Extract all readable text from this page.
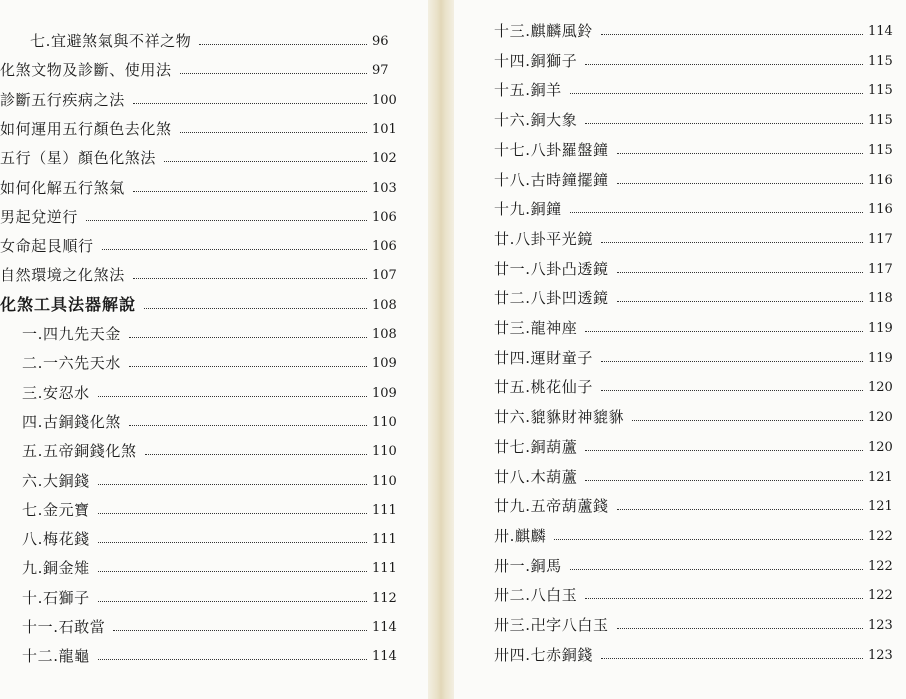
七.宜避煞氣與不祥之物	96
化煞文物及診斷、使用法	97
診斷五行疾病之法	100
如何運用五行顏色去化煞	101
五行（星）顏色化煞法	102
如何化解五行煞氣	103
男起兌逆行	106
女命起艮順行	106
自然環境之化煞法	107
化煞工具法器解說	108
一.四九先天金	108
二.一六先天水	109
三.安忍水	109
四.古銅錢化煞	110
五.五帝銅錢化煞	110
六.大銅錢	110
七.金元寶	111
八.梅花錢	111
九.銅金雉	111
十.石獅子	112
十一.石敢當	114
十二.龍龜	114
十三.麒麟風鈴	114
十四.銅獅子	115
十五.銅羊	115
十六.銅大象	115
十七.八卦羅盤鐘	115
十八.古時鐘擺鐘	116
十九.銅鐘	116
廿.八卦平光鏡	117
廿一.八卦凸透鏡	117
廿二.八卦凹透鏡	118
廿三.龍神座	119
廿四.運財童子	119
廿五.桃花仙子	120
廿六.貔貅財神貔貅	120
廿七.銅葫蘆	120
廿八.木葫蘆	121
廿九.五帝葫蘆錢	121
卅.麒麟	122
卅一.銅馬	122
卅二.八白玉	122
卅三.卍字八白玉	123
卅四.七赤銅錢	123
